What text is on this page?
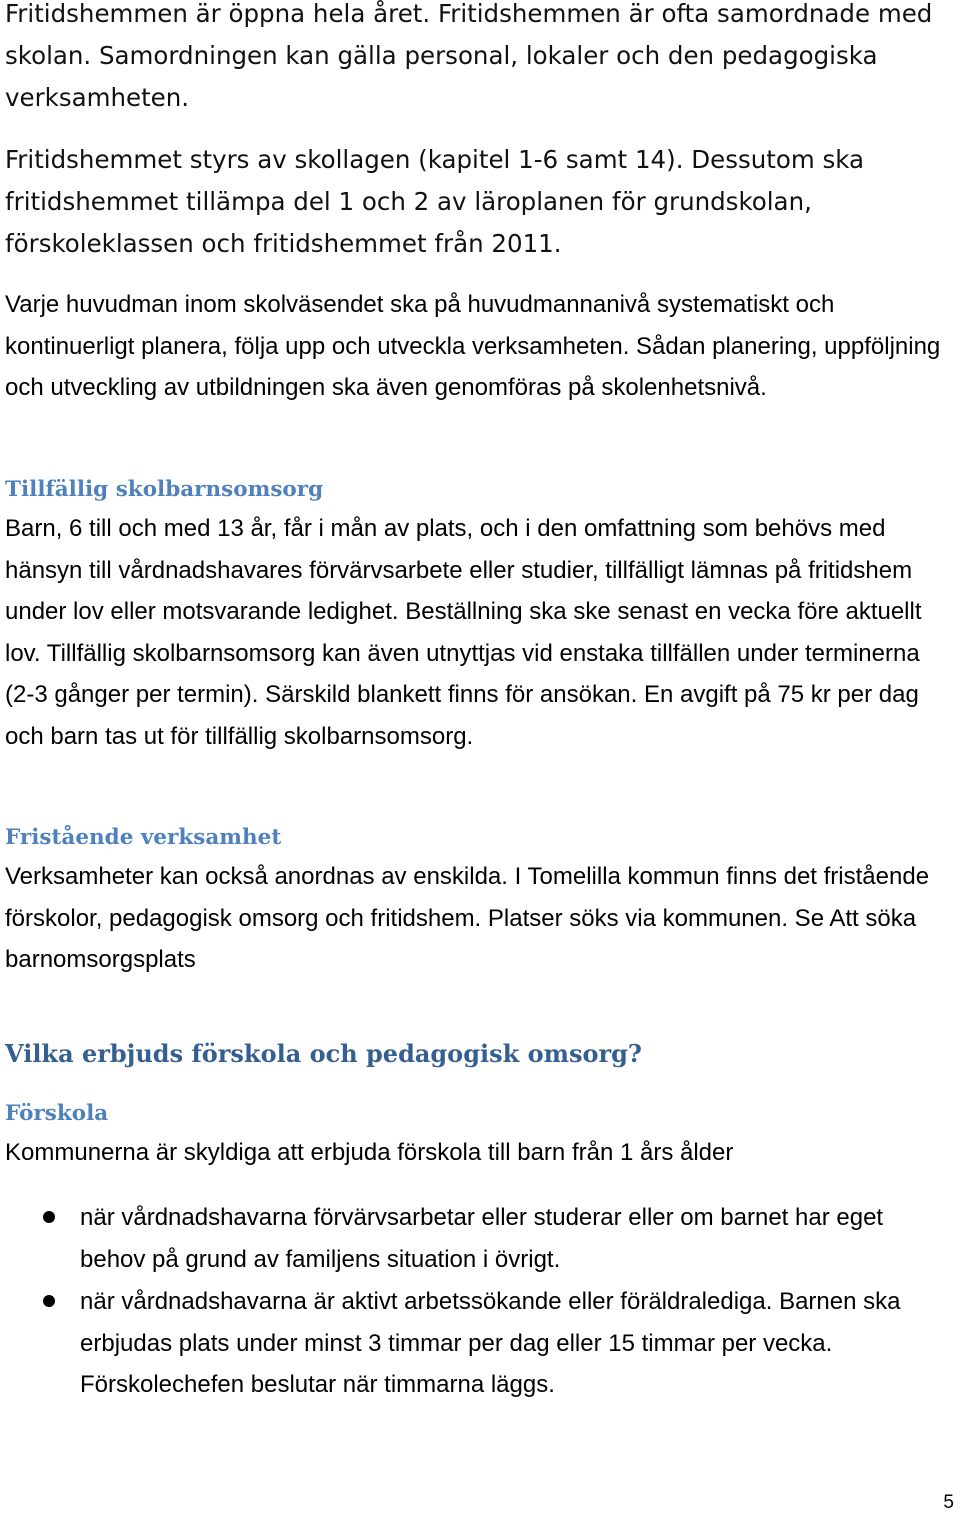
Fritidshemmen är öppna hela året. Fritidshemmen är ofta samordnade med skolan. Samordningen kan gälla personal, lokaler och den pedagogiska verksamheten.

Fritidshemmet styrs av skollagen (kapitel 1-6 samt 14). Dessutom ska fritidshemmet tillämpa del 1 och 2 av läroplanen för grundskolan, förskoleklassen och fritidshemmet från 2011.

Varje huvudman inom skolväsendet ska på huvudmannanivå systematiskt och kontinuerligt planera, följa upp och utveckla verksamheten. Sådan planering, uppföljning och utveckling av utbildningen ska även genomföras på skolenhetsnivå.

Tillfällig skolbarnsomsorg

Barn, 6 till och med 13 år, får i mån av plats, och i den omfattning som behövs med hänsyn till vårdnadshavares förvärvsarbete eller studier, tillfälligt lämnas på fritidshem under lov eller motsvarande ledighet. Beställning ska ske senast en vecka före aktuellt lov. Tillfällig skolbarnsomsorg kan även utnyttjas vid enstaka tillfällen under terminerna (2-3 gånger per termin). Särskild blankett finns för ansökan. En avgift på 75 kr per dag och barn tas ut för tillfällig skolbarnsomsorg.

Fristående verksamhet

Verksamheter kan också anordnas av enskilda. I Tomelilla kommun finns det fristående förskolor, pedagogisk omsorg och fritidshem. Platser söks via kommunen. Se Att söka barnomsorgsplats

Vilka erbjuds förskola och pedagogisk omsorg?
Förskola

Kommunerna är skyldiga att erbjuda förskola till barn från 1 års ålder

när vårdnadshavarna förvärvsarbetar eller studerar eller om barnet har eget behov på grund av familjens situation i övrigt.
när vårdnadshavarna är aktivt arbetssökande eller föräldralediga. Barnen ska erbjudas plats under minst 3 timmar per dag eller 15 timmar per vecka. Förskolechefen beslutar när timmarna läggs.
5
